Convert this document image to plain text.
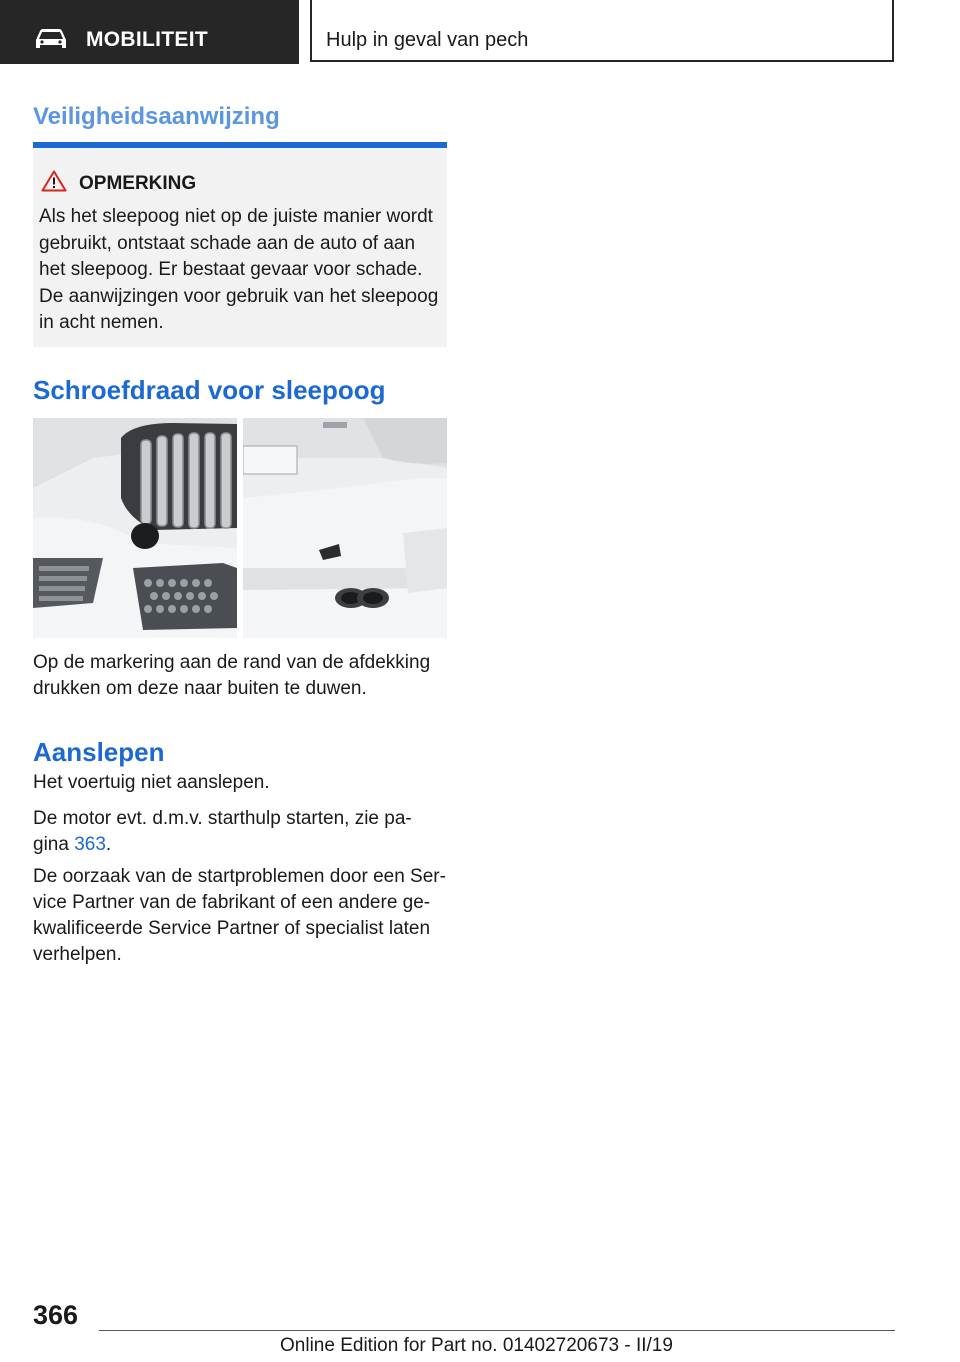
MOBILITEIT	Hulp in geval van pech
Veiligheidsaanwijzing
OPMERKING
Als het sleepoog niet op de juiste manier wordt gebruikt, ontstaat schade aan de auto of aan het sleepoog. Er bestaat gevaar voor schade. De aanwijzingen voor gebruik van het sleepoog in acht nemen.
Schroefdraad voor sleepoog

Op de markering aan de rand van de afdekking drukken om deze naar buiten te duwen.

Aanslepen

Het voertuig niet aanslepen.

De motor evt. d.m.v. starthulp starten, zie pa-gina 363.

De oorzaak van de startproblemen door een Ser-vice Partner van de fabrikant of een andere ge-kwalificeerde Service Partner of specialist laten verhelpen.

366
Online Edition for Part no. 01402720673 - II/19
